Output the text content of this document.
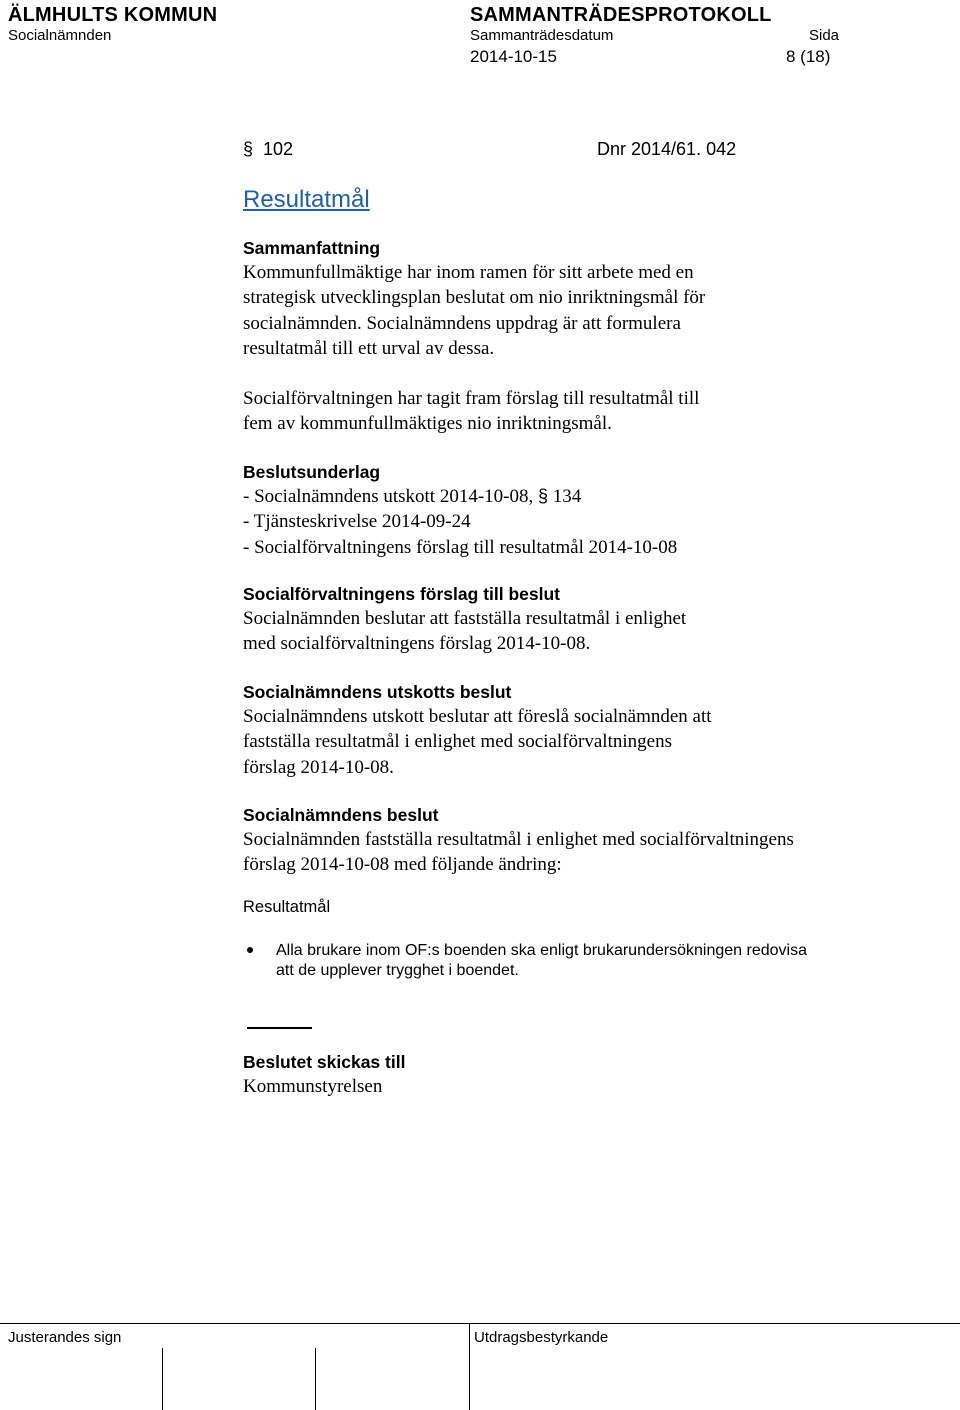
ÄLMHULTS KOMMUN	SAMMANTRÄDESPROTOKOLL
Socialnämnden	Sammanträdesdatum	Sida
2014-10-15	8 (18)
§ 102	Dnr 2014/61. 042
Resultatmål
Sammanfattning

Kommunfullmäktige har inom ramen för sitt arbete med en

strategisk utvecklingsplan beslutat om nio inriktningsmål för

socialnämnden. Socialnämndens uppdrag är att formulera

resultatmål till ett urval av dessa.

Socialförvaltningen har tagit fram förslag till resultatmål till

fem av kommunfullmäktiges nio inriktningsmål.

Beslutsunderlag

- Socialnämndens utskott 2014-10-08, § 134

- Tjänsteskrivelse 2014-09-24

- Socialförvaltningens förslag till resultatmål 2014-10-08

Socialförvaltningens förslag till beslut

Socialnämnden beslutar att fastställa resultatmål i enlighet

med socialförvaltningens förslag 2014-10-08.

Socialnämndens utskotts beslut

Socialnämndens utskott beslutar att föreslå socialnämnden att

fastställa resultatmål i enlighet med socialförvaltningens

förslag 2014-10-08.

Socialnämndens beslut

Socialnämnden fastställa resultatmål i enlighet med socialförvaltningens

förslag 2014-10-08 med följande ändring:

Resultatmål
Alla brukare inom OF:s boenden ska enligt brukarundersökningen redovisa
att de upplever trygghet i boendet.
Beslutet skickas till
Kommunstyrelsen
Justerandes sign	Utdragsbestyrkande
